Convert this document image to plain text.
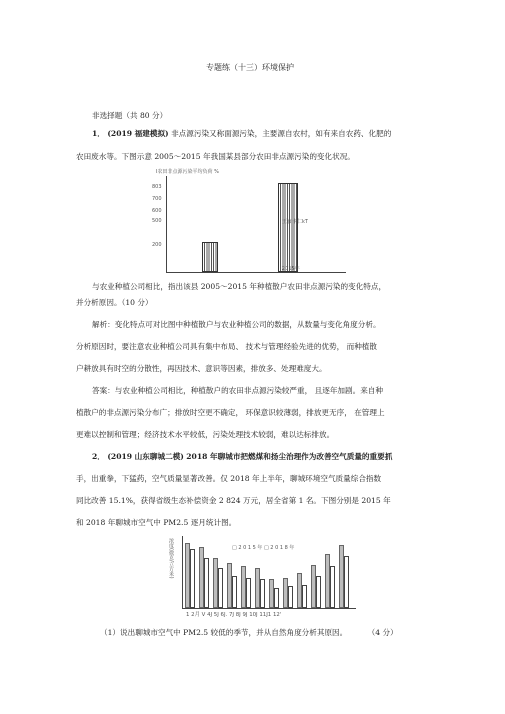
专题练（十三）环境保护
非选择题（共 80 分）
1． (2019 福建模拟) 非点源污染又称面源污染，主要源自农村，如有来自农药、化肥的
农田废水等。下图示意 2005～2015 年我国某县部分农田非点源污染的变化状况。
I农田非点源污染平均负荷 %
803
700
600
500
200
王食卡仁kT
2015年
与农业种植公司相比，指出该县 2005～2015 年种植散户农田非点源污染的变化特点，
并分析原因。（10 分）
解析：变化特点可对比图中种植散户与农业种植公司的数据，从数量与变化角度分析。
分析原因时，要注意农业种植公司具有集中布局、 技术与管理经验先进的优势， 而种植散
户耕放具有时空的分散性，再因技术、意识等因素，排放多、处理难度大。
答案：与农业种植公司相比，种植散户的农田非点源污染较严重， 且逐年加剧。来自种
植散户的非点源污染分布广；排放时空更不确定， 环保意识较薄弱，排放更无序， 在管理上
更难以控制和管理；经济技术水平较低，污染处理技术较弱，难以达标排放。
2． (2019 山东聊城二模) 2018 年聊城市把燃煤和扬尘治理作为改善空气质量的重要抓
手，出重拳，下猛药，空气质量显著改善。仅 2018 年上半年，聊城环境空气质量综合指数
同比改善 15.1%，获得省级生态补偿资金 2 824 万元，居全省第 1 名。下图分别是 2015 年
和 2018 年聊城市空气中 PM2.5 逐月统计图。
浓度(微克/立方米)	□ 2 0 1 5 年 □ 2 0 1 8 年
1 2月 V 4J 5J 6J. 7J 8J 9J 10J 11J1 12'
（1）说出聊城市空气中 PM2.5 较低的季节，并从自然角度分析其原因。	（4 分）
